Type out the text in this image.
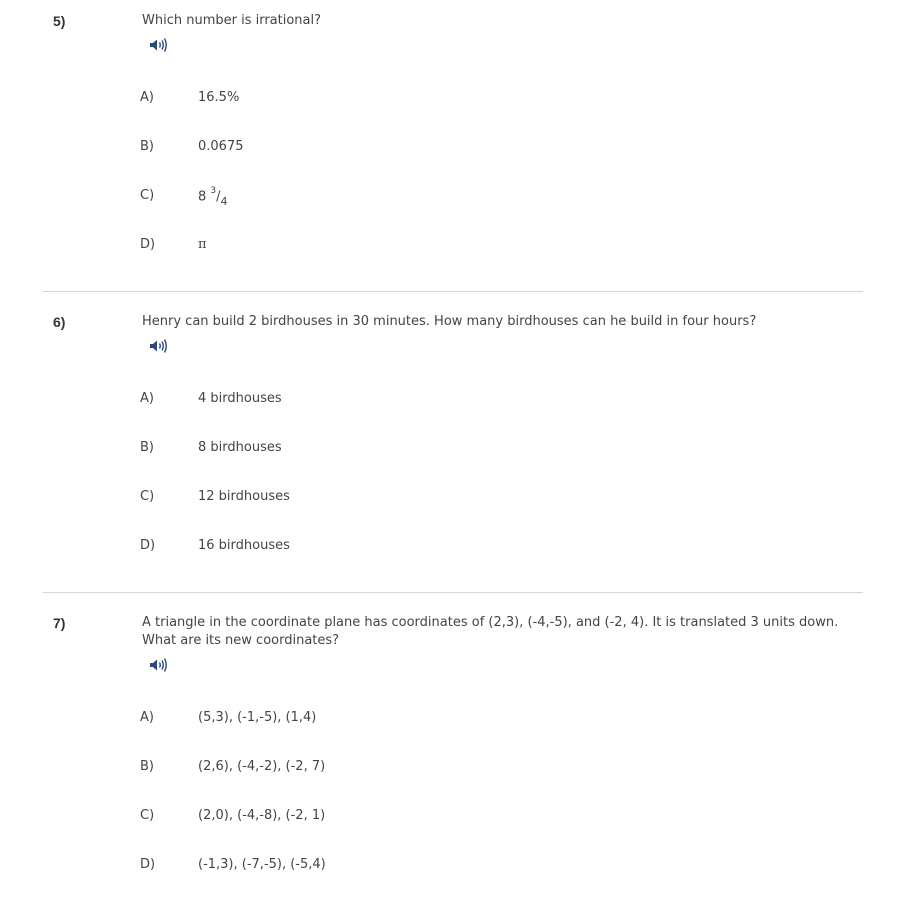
5)	Which number is irrational?
A)	16.5%
B)	0.0675
C)	8 $^3/_4$
D)	π
6)	Henry can build 2 birdhouses in 30 minutes. How many birdhouses can he build in four hours?
A)	4 birdhouses
B)	8 birdhouses
C)	12 birdhouses
D)	16 birdhouses
7)	A triangle in the coordinate plane has coordinates of (2,3), (-4,-5), and (-2, 4). It is translated 3 units down. What are its new coordinates?
A)	(5,3), (-1,-5), (1,4)
B)	(2,6), (-4,-2), (-2, 7)
C)	(2,0), (-4,-8), (-2, 1)
D)	(-1,3), (-7,-5), (-5,4)
